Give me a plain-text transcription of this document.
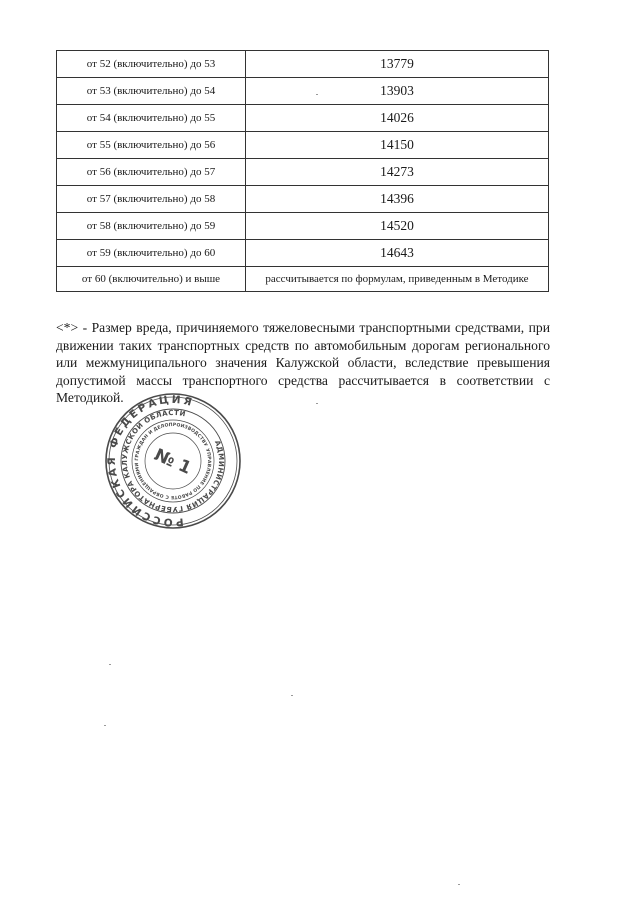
от 52 (включительно) до 53	13779
от 53 (включительно) до 54	13903
от 54 (включительно) до 55	14026
от 55 (включительно) до 56	14150
от 56 (включительно) до 57	14273
от 57 (включительно) до 58	14396
от 58 (включительно) до 59	14520
от 59 (включительно) до 60	14643
от 60 (включительно) и выше	рассчитывается по формулам, приведенным в Методике

<*> - Размер вреда, причиняемого тяжеловесными транспортными средствами, при движении таких транспортных средств по автомобильным дорогам регионального или межмуниципального значения Калужской области, вследствие превышения допустимой массы транспортного средства рассчитывается в соответствии с Методикой.

РОССИЙСКАЯ ФЕДЕРАЦИЯ
АДМИНИСТРАЦИЯ ГУБЕРНАТОРА КАЛУЖСКОЙ ОБЛАСТИ
УПРАВЛЕНИЕ ПО РАБОТЕ С ОБРАЩЕНИЯМИ ГРАЖДАН И ДЕЛОПРОИЗВОДСТВУ
№ 1
